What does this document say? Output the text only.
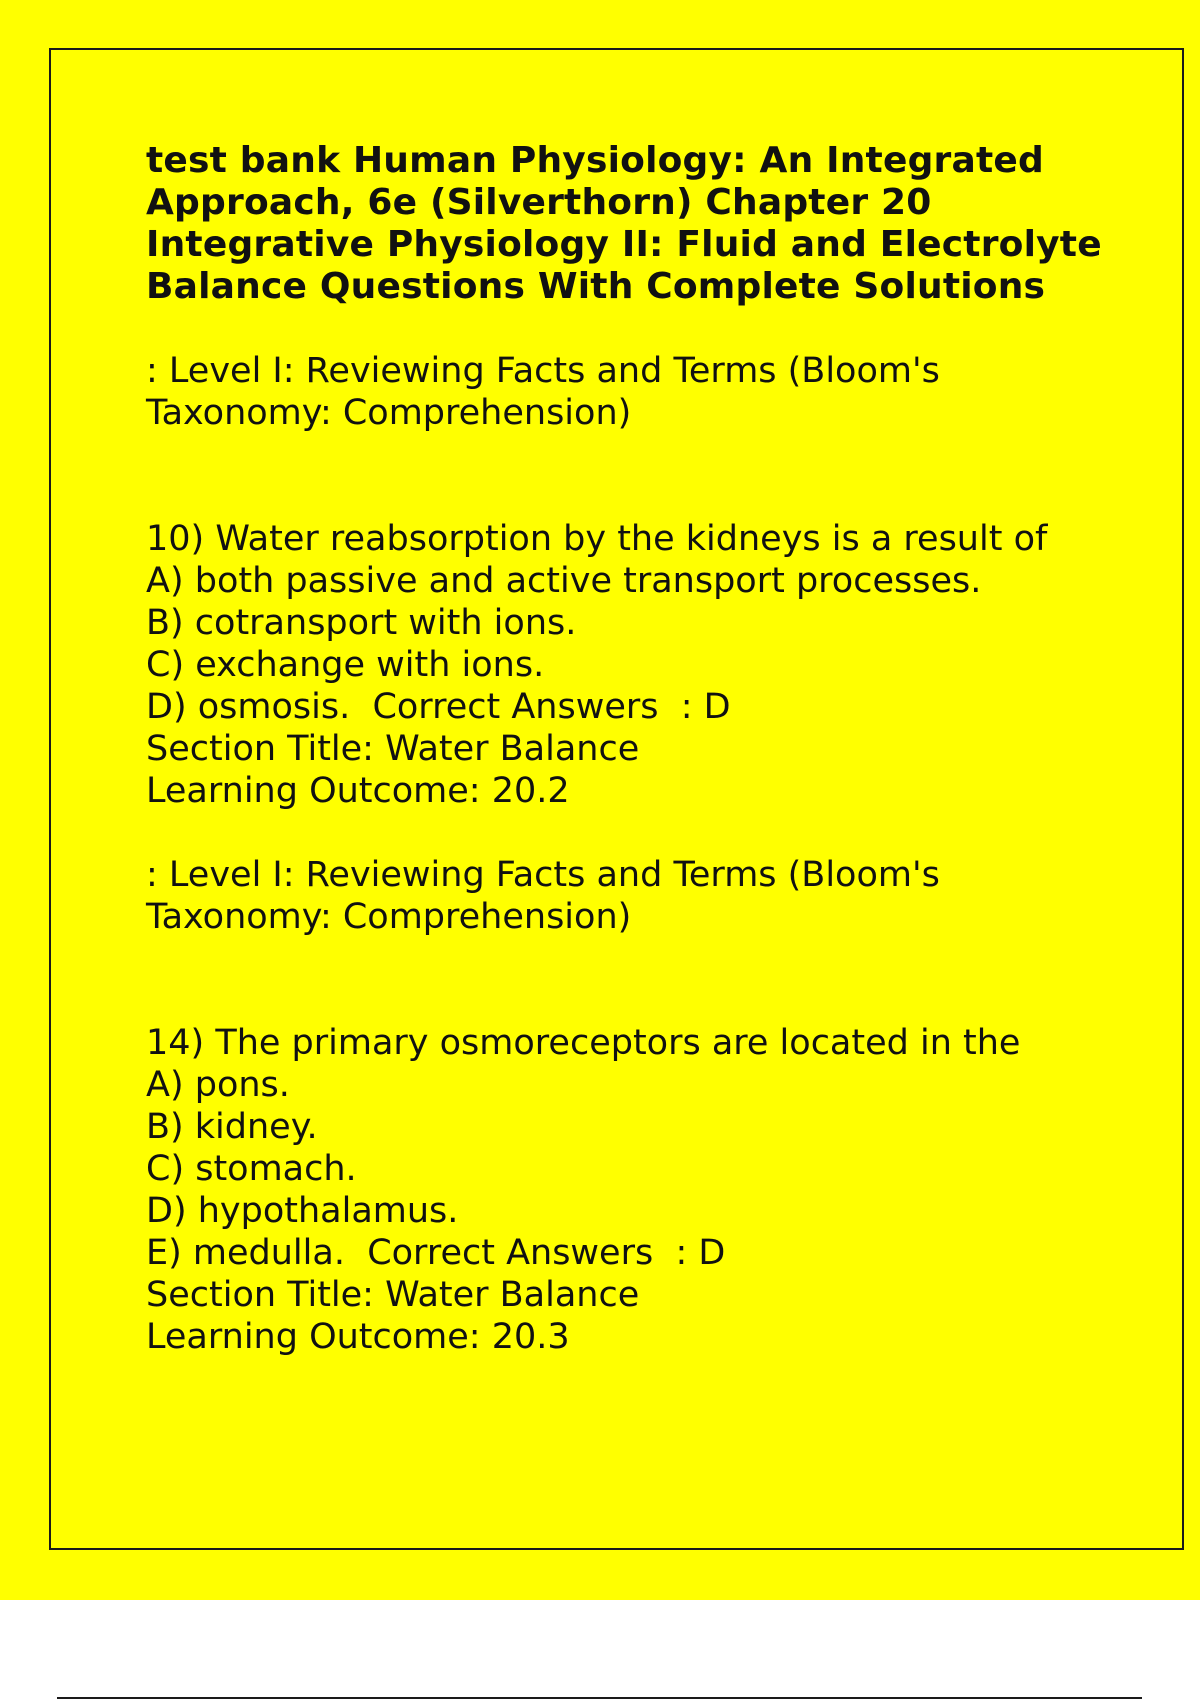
test bank Human Physiology: An Integrated Approach, 6e (Silverthorn) Chapter 20 Integrative Physiology II: Fluid and Electrolyte Balance Questions With Complete Solutions

: Level I: Reviewing Facts and Terms (Bloom's Taxonomy: Comprehension)

10) Water reabsorption by the kidneys is a result of

A) both passive and active transport processes.

B) cotransport with ions.

C) exchange with ions.

D) osmosis.  Correct Answers  : D

Section Title: Water Balance

Learning Outcome: 20.2

: Level I: Reviewing Facts and Terms (Bloom's Taxonomy: Comprehension)

14) The primary osmoreceptors are located in the

A) pons.

B) kidney.

C) stomach.

D) hypothalamus.

E) medulla.  Correct Answers  : D

Section Title: Water Balance

Learning Outcome: 20.3
